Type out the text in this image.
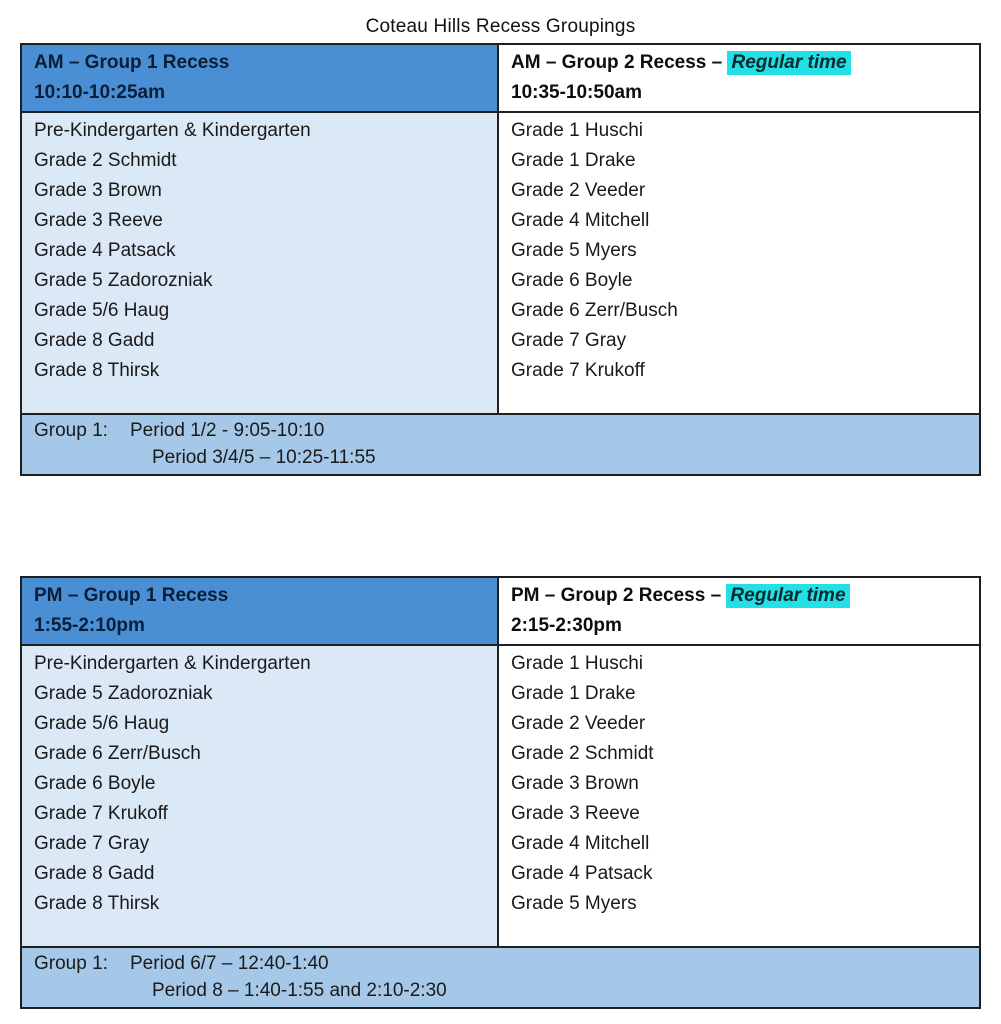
Coteau Hills Recess Groupings
AM – Group 1 Recess
10:10-10:25am
AM – Group 2 Recess – Regular time
10:35-10:50am
Pre-Kindergarten & Kindergarten
Grade 2 Schmidt
Grade 3 Brown
Grade 3 Reeve
Grade 4 Patsack
Grade 5 Zadorozniak
Grade 5/6 Haug
Grade 8 Gadd
Grade 8 Thirsk
Grade 1 Huschi
Grade 1 Drake
Grade 2 Veeder
Grade 4 Mitchell
Grade 5 Myers
Grade 6 Boyle
Grade 6 Zerr/Busch
Grade 7 Gray
Grade 7 Krukoff
Group 1:	Period 1/2 - 9:05-10:10
Period 3/4/5 – 10:25-11:55
PM – Group 1 Recess
1:55-2:10pm
PM – Group 2 Recess – Regular time
2:15-2:30pm
Pre-Kindergarten & Kindergarten
Grade 5 Zadorozniak
Grade 5/6 Haug
Grade 6 Zerr/Busch
Grade 6 Boyle
Grade 7 Krukoff
Grade 7 Gray
Grade 8 Gadd
Grade 8 Thirsk
Grade 1 Huschi
Grade 1 Drake
Grade 2 Veeder
Grade 2 Schmidt
Grade 3 Brown
Grade 3 Reeve
Grade 4 Mitchell
Grade 4 Patsack
Grade 5 Myers
Group 1:	Period 6/7 – 12:40-1:40
Period 8 – 1:40-1:55 and 2:10-2:30
